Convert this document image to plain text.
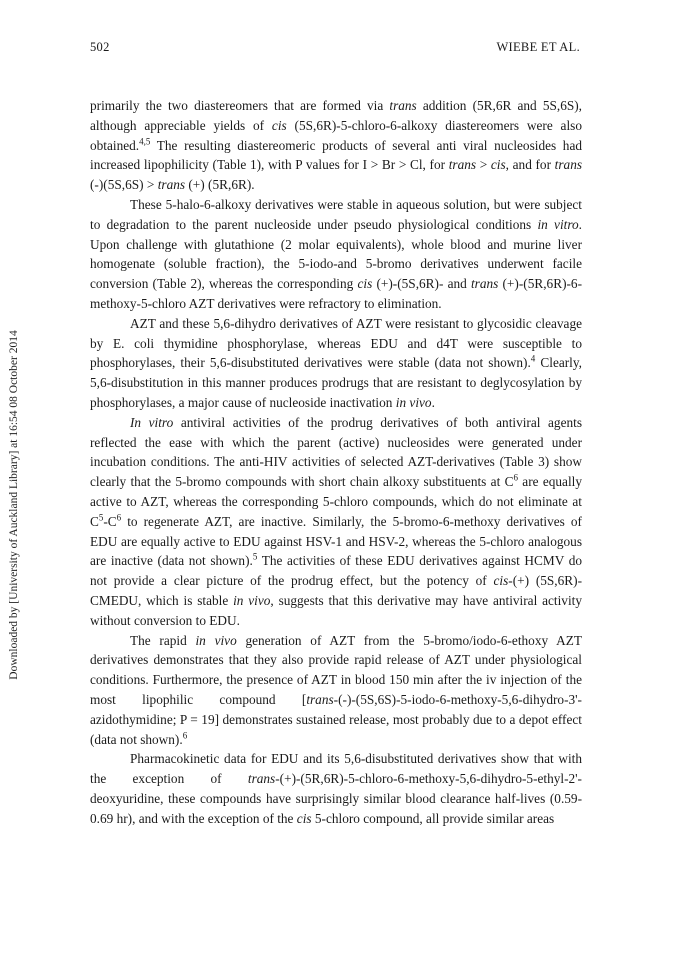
502	WIEBE ET AL.
Downloaded by [University of Auckland Library] at 16:54 08 October 2014

primarily the two diastereomers that are formed via trans addition (5R,6R and 5S,6S), although appreciable yields of cis (5S,6R)-5-chloro-6-alkoxy diastereomers were also obtained.$^{4,5}$ The resulting diastereomeric products of several anti viral nucleosides had increased lipophilicity (Table 1), with P values for I > Br > Cl, for trans > cis, and for trans (-)(5S,6S) > trans (+) (5R,6R).

These 5-halo-6-alkoxy derivatives were stable in aqueous solution, but were subject to degradation to the parent nucleoside under pseudo physiological conditions in vitro. Upon challenge with glutathione (2 molar equivalents), whole blood and murine liver homogenate (soluble fraction), the 5-iodo-and 5-bromo derivatives underwent facile conversion (Table 2), whereas the corresponding cis (+)-(5S,6R)- and trans (+)-(5R,6R)-6-methoxy-5-chloro AZT derivatives were refractory to elimination.

AZT and these 5,6-dihydro derivatives of AZT were resistant to glycosidic cleavage by E. coli thymidine phosphorylase, whereas EDU and d4T were susceptible to phosphorylases, their 5,6-disubstituted derivatives were stable (data not shown).$^4$ Clearly, 5,6-disubstitution in this manner produces prodrugs that are resistant to deglycosylation by phosphorylases, a major cause of nucleoside inactivation in vivo.

In vitro antiviral activities of the prodrug derivatives of both antiviral agents reflected the ease with which the parent (active) nucleosides were generated under incubation conditions. The anti-HIV activities of selected AZT-derivatives (Table 3) show clearly that the 5-bromo compounds with short chain alkoxy substituents at $C^6$ are equally active to AZT, whereas the corresponding 5-chloro compounds, which do not eliminate at $C^5-C^6$ to regenerate AZT, are inactive. Similarly, the 5-bromo-6-methoxy derivatives of EDU are equally active to EDU against HSV-1 and HSV-2, whereas the 5-chloro analogous are inactive (data not shown).$^5$ The activities of these EDU derivatives against HCMV do not provide a clear picture of the prodrug effect, but the potency of cis-(+) (5S,6R)-CMEDU, which is stable in vivo, suggests that this derivative may have antiviral activity without conversion to EDU.

The rapid in vivo generation of AZT from the 5-bromo/iodo-6-ethoxy AZT derivatives demonstrates that they also provide rapid release of AZT under physiological conditions. Furthermore, the presence of AZT in blood 150 min after the iv injection of the most lipophilic compound [trans-(-)-(5S,6S)-5-iodo-6-methoxy-5,6-dihydro-3'-azidothymidine; P = 19] demonstrates sustained release, most probably due to a depot effect (data not shown).$^6$

Pharmacokinetic data for EDU and its 5,6-disubstituted derivatives show that with the exception of trans-(+)-(5R,6R)-5-chloro-6-methoxy-5,6-dihydro-5-ethyl-2'-deoxyuridine, these compounds have surprisingly similar blood clearance half-lives (0.59-0.69 hr), and with the exception of the cis 5-chloro compound, all provide similar areas
